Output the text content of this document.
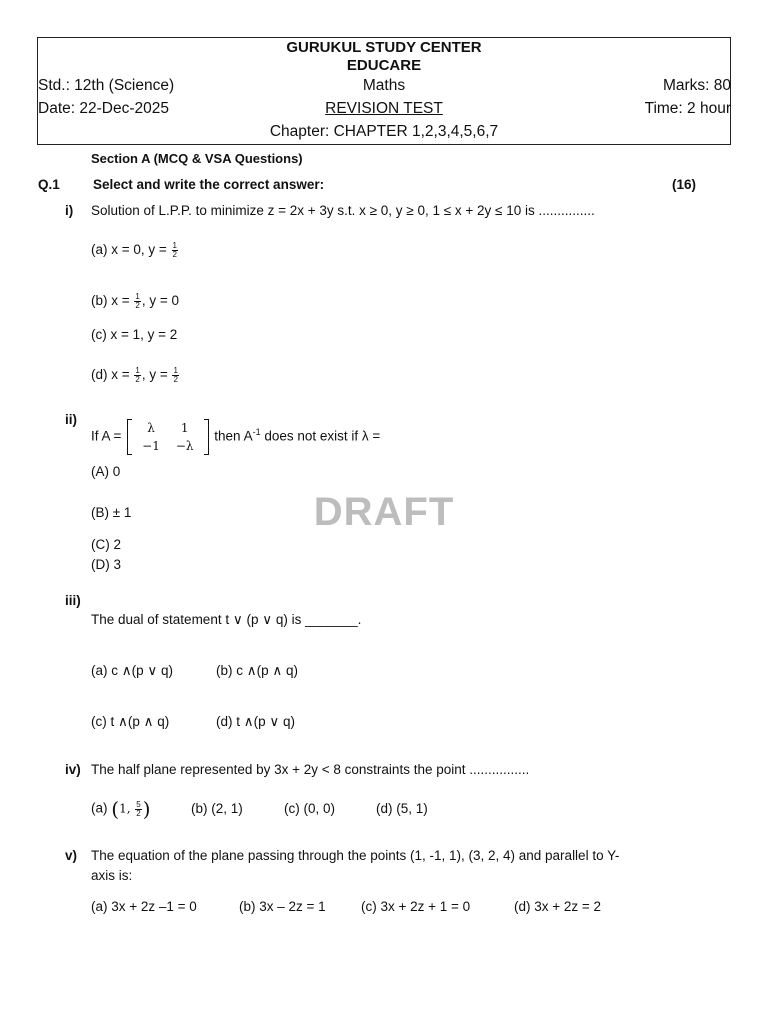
GURUKUL STUDY CENTER
EDUCARE
Std.: 12th (Science)	Maths	Marks: 80
Date: 22-Dec-2025	REVISION TEST	Time: 2 hour
Chapter: CHAPTER 1,2,3,4,5,6,7
Section A (MCQ & VSA Questions)
Q.1 Select and write the correct answer:	(16)
DRAFT
i) Solution of L.P.P. to minimize z = 2x + 3y s.t. x ≥ 0, y ≥ 0, 1 ≤ x + 2y ≤ 10 is ...............
(a) x = 0, $y = \frac{1}{2}$
(b) $x = \frac{1}{2}$ , y = 0
(c) x = 1, y = 2
(d) $x = \frac{1}{2}$ , $y = \frac{1}{2}$
ii)
If A =
λ	1
−1	−λ
then $A^{-1}$ does not exist if λ =
(A) 0
(B) ± 1
(C) 2
(D) 3
iii)
The dual of statement t ∨ (p ∨ q) is _______.
(a) c ∧(p ∨ q)	(b) c ∧(p ∧ q)
(c) t ∧(p ∧ q)	(d) t ∧(p ∨ q)
iv) The half plane represented by 3x + 2y < 8 constraints the point ................
(a) (1, $\frac{5}{2}$ )	(b) (2, 1)	(c) (0, 0)	(d) (5, 1)
v) The equation of the plane passing through the points (1, -1, 1), (3, 2, 4) and parallel to Y-
axis is:
(a) 3x + 2z –1 = 0	(b) 3x – 2z = 1	(c) 3x + 2z + 1 = 0	(d) 3x + 2z = 2
